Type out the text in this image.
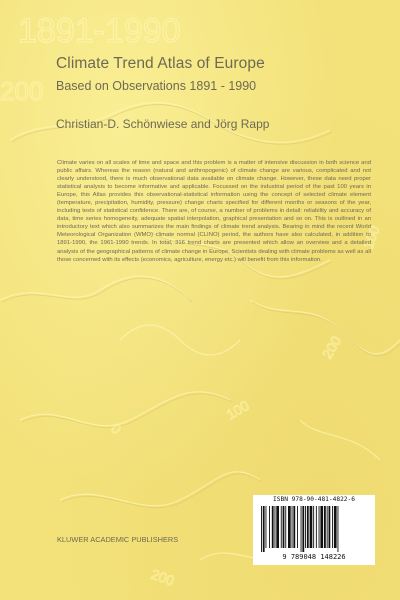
1891-1990
200
100
200
0
100
200
Climate Trend Atlas of Europe
Based on Observations 1891 - 1990
Christian-D. Schönwiese and Jörg Rapp

Climate varies on all scales of time and space and this problem is a matter of intensive discussion in both science and public affairs. Whereas the reason (natural and anthropogenic) of climate change are various, complicated and not clearly understood, there is much observational data available on climate change. However, these data need proper statistical analysis to become informative and applicable. Focussed on the industrial period of the past 100 years in Europe, this Atlas provides this observational-statistical information using the concept of selected climate element (temperature, precipitation, humidity, pressure) change charts specified for different months or seasons of the year, including tests of statistical confidence. There are, of course, a number of problems in detail: reliability and accuracy of data, time series homogeneity, adequate spatial interpolation, graphical presentation and so on. This is outlined in an introductory text which also summarizes the main findings of climate trend analysis. Bearing in mind the recent World Meteorological Organization (WMO) climate normal (CLINO) period, the authors have also calculated, in addition to 1891-1990, the 1961-1990 trends. In total, 316 trend charts are presented which allow an overview and a detailed analysis of the geographical patterns of climate change in Europe. Scientists dealing with climate problems as well as all those concerned with its effects (economics, agriculture, energy etc.) will benefit from this information.

ISBN 978-90-481-4822-6
9 789048 148226
KLUWER ACADEMIC PUBLISHERS
